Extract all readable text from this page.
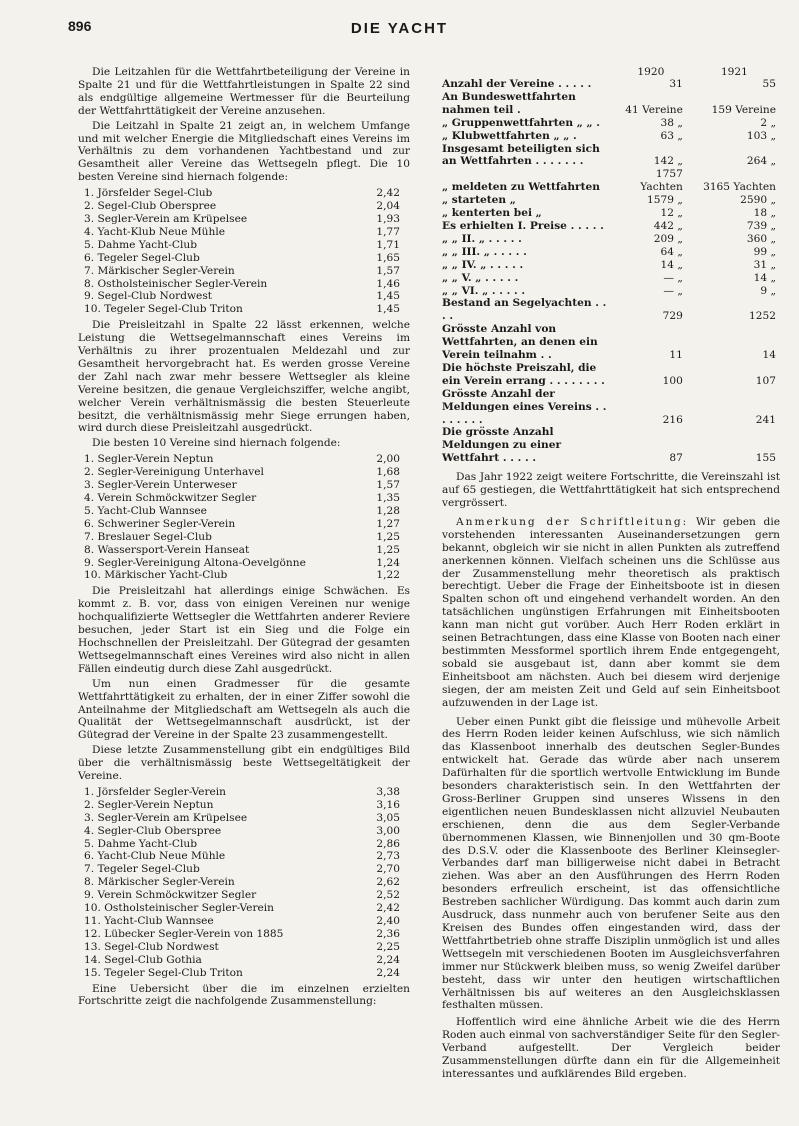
896	DIE YACHT

Die Leitzahlen für die Wettfahrtbeteiligung der Vereine in Spalte 21 und für die Wettfahrtleistungen in Spalte 22 sind als endgültige allgemeine Wertmesser für die Beurteilung der Wettfahrttätigkeit der Vereine anzusehen.

Die Leitzahl in Spalte 21 zeigt an, in welchem Umfange und mit welcher Energie die Mitgliedschaft eines Vereins im Verhältnis zu dem vorhandenen Yachtbestand und zur Gesamtheit aller Vereine das Wettsegeln pflegt. Die 10 besten Vereine sind hiernach folgende:

1. Jörsfelder Segel-Club	2,42
2. Segel-Club Oberspree	2,04
3. Segler-Verein am Krüpelsee	1,93
4. Yacht-Klub Neue Mühle	1,77
5. Dahme Yacht-Club	1,71
6. Tegeler Segel-Club	1,65
7. Märkischer Segler-Verein	1,57
8. Ostholsteinischer Segler-Verein	1,46
9. Segel-Club Nordwest	1,45
10. Tegeler Segel-Club Triton	1,45

Die Preisleitzahl in Spalte 22 lässt erkennen, welche Leistung die Wettsegelmannschaft eines Vereins im Verhältnis zu ihrer prozentualen Meldezahl und zur Gesamtheit hervorgebracht hat. Es werden grosse Vereine der Zahl nach zwar mehr bessere Wettsegler als kleine Vereine besitzen, die genaue Vergleichsziffer, welche angibt, welcher Verein verhältnismässig die besten Steuerleute besitzt, die verhältnismässig mehr Siege errungen haben, wird durch diese Preisleitzahl ausgedrückt.

Die besten 10 Vereine sind hiernach folgende:

1. Segler-Verein Neptun	2,00
2. Segler-Vereinigung Unterhavel	1,68
3. Segler-Verein Unterweser	1,57
4. Verein Schmöckwitzer Segler	1,35
5. Yacht-Club Wannsee	1,28
6. Schweriner Segler-Verein	1,27
7. Breslauer Segel-Club	1,25
8. Wassersport-Verein Hanseat	1,25
9. Segler-Vereinigung Altona-Oevelgönne	1,24
10. Märkischer Yacht-Club	1,22

Die Preisleitzahl hat allerdings einige Schwächen. Es kommt z. B. vor, dass von einigen Vereinen nur wenige hochqualifizierte Wettsegler die Wettfahrten anderer Reviere besuchen, jeder Start ist ein Sieg und die Folge ein Hochschnellen der Preisleitzahl. Der Gütegrad der gesamten Wettsegelmannschaft eines Vereines wird also nicht in allen Fällen eindeutig durch diese Zahl ausgedrückt.

Um nun einen Gradmesser für die gesamte Wettfahrttätigkeit zu erhalten, der in einer Ziffer sowohl die Anteilnahme der Mitgliedschaft am Wettsegeln als auch die Qualität der Wettsegelmannschaft ausdrückt, ist der Gütegrad der Vereine in der Spalte 23 zusammengestellt.

Diese letzte Zusammenstellung gibt ein endgültiges Bild über die verhältnismässig beste Wettsegeltätigkeit der Vereine.

1. Jörsfelder Segler-Verein	3,38
2. Segler-Verein Neptun	3,16
3. Segler-Verein am Krüpelsee	3,05
4. Segler-Club Oberspree	3,00
5. Dahme Yacht-Club	2,86
6. Yacht-Club Neue Mühle	2,73
7. Tegeler Segel-Club	2,70
8. Märkischer Segler-Verein	2,62
9. Verein Schmöckwitzer Segler	2,52
10. Ostholsteinischer Segler-Verein	2,42
11. Yacht-Club Wannsee	2,40
12. Lübecker Segler-Verein von 1885	2,36
13. Segel-Club Nordwest	2,25
14. Segel-Club Gothia	2,24
15. Tegeler Segel-Club Triton	2,24

Eine Uebersicht über die im einzelnen erzielten Fortschritte zeigt die nachfolgende Zusammenstellung:

	1920	1921
Anzahl der Vereine . . . . .	31	55
An Bundeswettfahrten nahmen teil .	41 Vereine	159 Vereine
„ Gruppenwettfahrten „ „ .	38 „	2 „
„ Klubwettfahrten „ „ .	63 „	103 „
Insgesamt beteiligten sich an Wettfahrten . . . . . . .	142 „	264 „
„ meldeten zu Wettfahrten	1757 Yachten	3165 Yachten
„ starteten „	1579 „	2590 „
„ kenterten bei „	12 „	18 „
Es erhielten I. Preise . . . . .	442 „	739 „
„ „ II. „ . . . . .	209 „	360 „
„ „ III. „ . . . . .	64 „	99 „
„ „ IV. „ . . . . .	14 „	31 „
„ „ V. „ . . . . .	— „	14 „
„ „ VI. „ . . . . .	— „	9 „
Bestand an Segelyachten . . . .	729	1252
Grösste Anzahl von Wettfahrten, an denen ein Verein teilnahm . .	11	14
Die höchste Preiszahl, die ein Verein errang . . . . . . . .	100	107
Grösste Anzahl der Meldungen eines Vereins . . . . . . . .	216	241
Die grösste Anzahl Meldungen zu einer Wettfahrt . . . . .	87	155

Das Jahr 1922 zeigt weitere Fortschritte, die Vereinszahl ist auf 65 gestiegen, die Wettfahrttätigkeit hat sich entsprechend vergrössert.

Anmerkung der Schriftleitung: Wir geben die vorstehenden interessanten Auseinandersetzungen gern bekannt, obgleich wir sie nicht in allen Punkten als zutreffend anerkennen können. Vielfach scheinen uns die Schlüsse aus der Zusammenstellung mehr theoretisch als praktisch berechtigt. Ueber die Frage der Einheitsboote ist in diesen Spalten schon oft und eingehend verhandelt worden. An den tatsächlichen ungünstigen Erfahrungen mit Einheitsbooten kann man nicht gut vorüber. Auch Herr Roden erklärt in seinen Betrachtungen, dass eine Klasse von Booten nach einer bestimmten Messformel sportlich ihrem Ende entgegengeht, sobald sie ausgebaut ist, dann aber kommt sie dem Einheitsboot am nächsten. Auch bei diesem wird derjenige siegen, der am meisten Zeit und Geld auf sein Einheitsboot aufzuwenden in der Lage ist.

Ueber einen Punkt gibt die fleissige und mühevolle Arbeit des Herrn Roden leider keinen Aufschluss, wie sich nämlich das Klassenboot innerhalb des deutschen Segler-Bundes entwickelt hat. Gerade das würde aber nach unserem Dafürhalten für die sportlich wertvolle Entwicklung im Bunde besonders charakteristisch sein. In den Wettfahrten der Gross-Berliner Gruppen sind unseres Wissens in den eigentlichen neuen Bundesklassen nicht allzuviel Neubauten erschienen, denn die aus dem Segler-Verbande übernommenen Klassen, wie Binnenjollen und 30 qm-Boote des D.S.V. oder die Klassenboote des Berliner Kleinsegler-Verbandes darf man billigerweise nicht dabei in Betracht ziehen. Was aber an den Ausführungen des Herrn Roden besonders erfreulich erscheint, ist das offensichtliche Bestreben sachlicher Würdigung. Das kommt auch darin zum Ausdruck, dass nunmehr auch von berufener Seite aus den Kreisen des Bundes offen eingestanden wird, dass der Wettfahrtbetrieb ohne straffe Disziplin unmöglich ist und alles Wettsegeln mit verschiedenen Booten im Ausgleichsverfahren immer nur Stückwerk bleiben muss, so wenig Zweifel darüber besteht, dass wir unter den heutigen wirtschaftlichen Verhältnissen bis auf weiteres an den Ausgleichsklassen festhalten müssen.

Hoffentlich wird eine ähnliche Arbeit wie die des Herrn Roden auch einmal von sachverständiger Seite für den Segler-Verband aufgestellt. Der Vergleich beider Zusammenstellungen dürfte dann ein für die Allgemeinheit interessantes und aufklärendes Bild ergeben.
